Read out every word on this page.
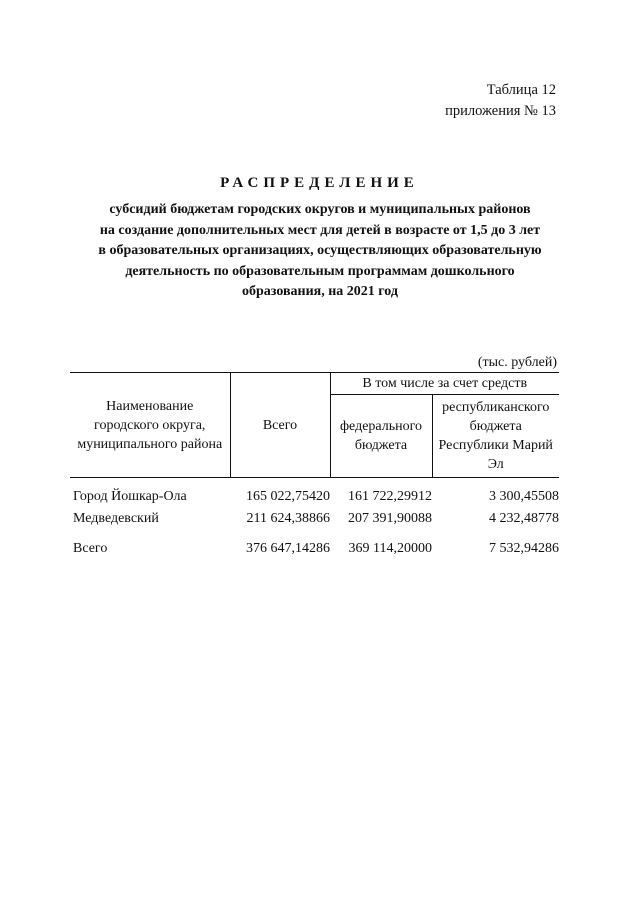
Таблица 12
приложения № 13
РАСПРЕДЕЛЕНИЕ
субсидий бюджетам городских округов и муниципальных районов
на создание дополнительных мест для детей в возрасте от 1,5 до 3 лет
в образовательных организациях, осуществляющих образовательную
деятельность по образовательным программам дошкольного
образования, на 2021 год
(тыс. рублей)
Наименование городского округа, муниципального района	Всего	В том числе за счет средств	
		федерального бюджета	республиканского бюджета Республики Марий Эл

Город Йошкар-Ола	165 022,75420	161 722,29912	3 300,45508
Медведевский	211 624,38866	207 391,90088	4 232,48778

Всего	376 647,14286	369 114,20000	7 532,94286
